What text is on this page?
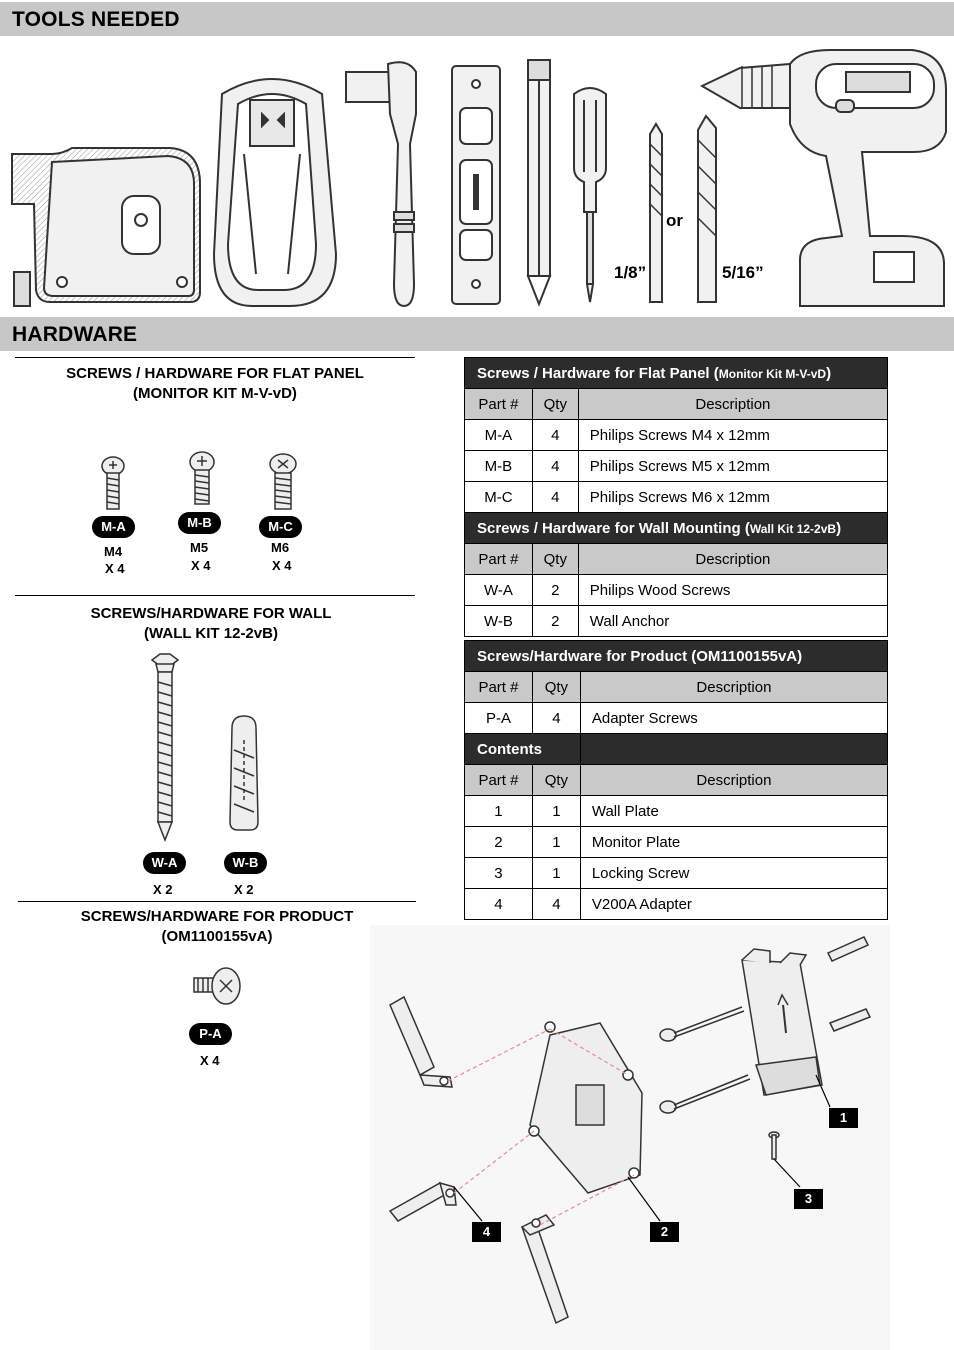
TOOLS NEEDED
or
1/8”	5/16”
HARDWARE
SCREWS / HARDWARE FOR FLAT PANEL
(MONITOR KIT M-V-vD)
M-A	M-B	M-C
M4
X 4
M5
X 4
M6
X 4
SCREWS/HARDWARE FOR WALL
(WALL KIT 12-2vB)
W-A	W-B
X 2	X 2
SCREWS/HARDWARE FOR PRODUCT
(OM1100155vA)
P-A
X 4
Screws / Hardware for Flat Panel (Monitor Kit M-V-vD)		
Part #	Qty	Description
M-A	4	Philips Screws M4 x 12mm
M-B	4	Philips Screws M5 x 12mm
M-C	4	Philips Screws M6 x 12mm
Screws / Hardware for Wall Mounting (Wall Kit 12-2vB)		
Part #	Qty	Description
W-A	2	Philips Wood Screws
W-B	2	Wall Anchor
Screws/Hardware for Product (OM1100155vA)		
Part #	Qty	Description
P-A	4	Adapter Screws
Contents		
Part #	Qty	Description
1	1	Wall Plate
2	1	Monitor Plate
3	1	Locking Screw
4	4	V200A Adapter
1
2
3
4
